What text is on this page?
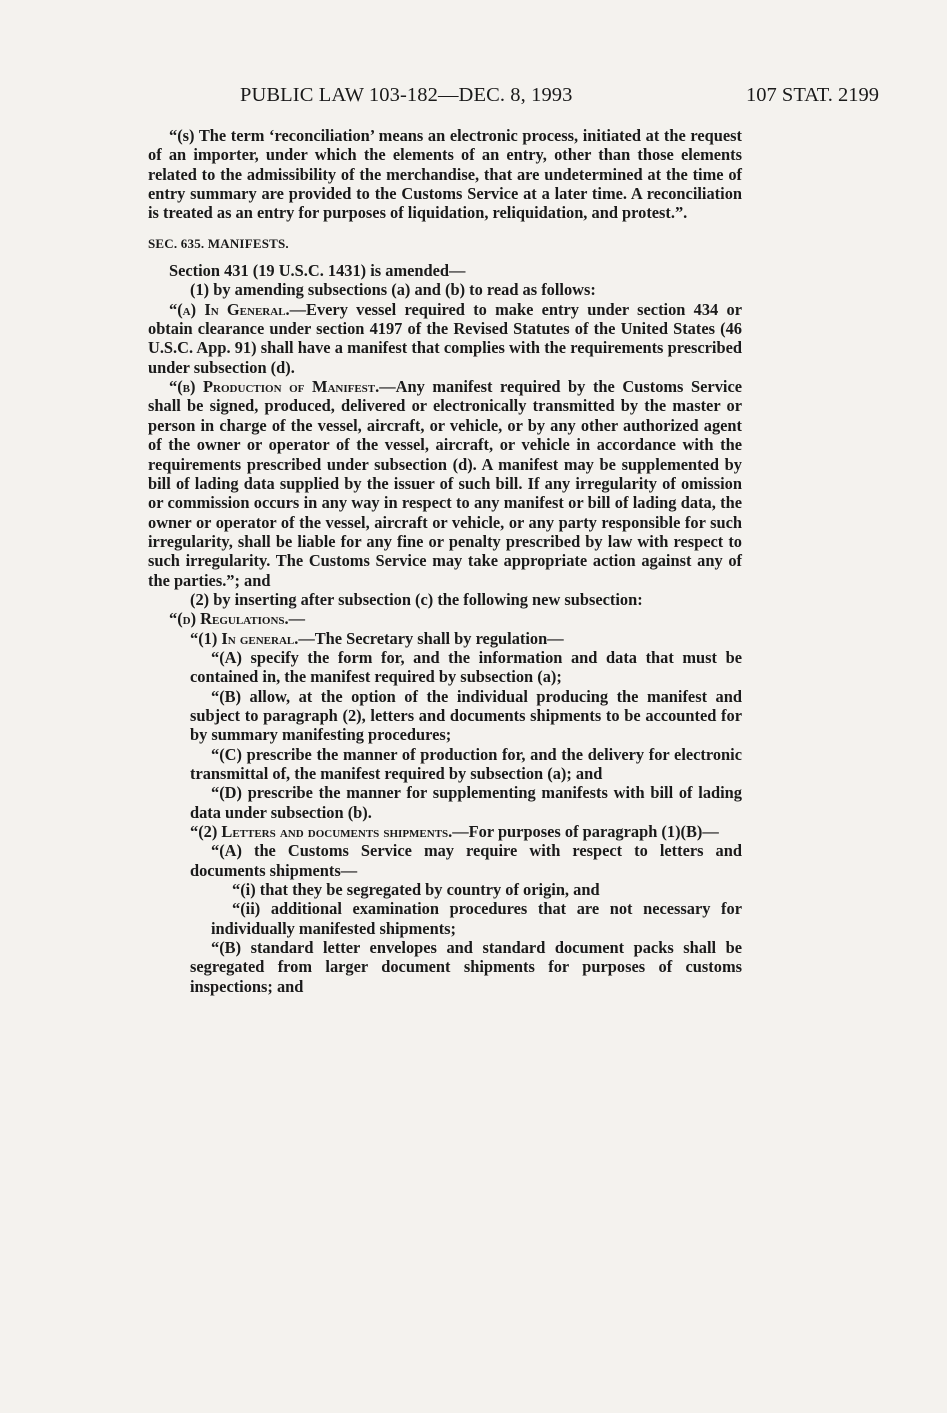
PUBLIC LAW 103-182—DEC. 8, 1993	107 STAT. 2199

“(s) The term ‘reconciliation’ means an electronic process, initiated at the request of an importer, under which the elements of an entry, other than those elements related to the admissibility of the merchandise, that are undetermined at the time of entry summary are provided to the Customs Service at a later time. A reconciliation is treated as an entry for purposes of liquidation, reliquidation, and protest.”.

SEC. 635. MANIFESTS.

Section 431 (19 U.S.C. 1431) is amended—

(1) by amending subsections (a) and (b) to read as follows:

“(a) In General.—Every vessel required to make entry under section 434 or obtain clearance under section 4197 of the Revised Statutes of the United States (46 U.S.C. App. 91) shall have a manifest that complies with the requirements prescribed under subsection (d).

“(b) Production of Manifest.—Any manifest required by the Customs Service shall be signed, produced, delivered or electronically transmitted by the master or person in charge of the vessel, aircraft, or vehicle, or by any other authorized agent of the owner or operator of the vessel, aircraft, or vehicle in accordance with the requirements prescribed under subsection (d). A manifest may be supplemented by bill of lading data supplied by the issuer of such bill. If any irregularity of omission or commission occurs in any way in respect to any manifest or bill of lading data, the owner or operator of the vessel, aircraft or vehicle, or any party responsible for such irregularity, shall be liable for any fine or penalty prescribed by law with respect to such irregularity. The Customs Service may take appropriate action against any of the parties.”; and

(2) by inserting after subsection (c) the following new subsection:

“(d) Regulations.—

“(1) In general.—The Secretary shall by regulation—

“(A) specify the form for, and the information and data that must be contained in, the manifest required by subsection (a);

“(B) allow, at the option of the individual producing the manifest and subject to paragraph (2), letters and documents shipments to be accounted for by summary manifesting procedures;

“(C) prescribe the manner of production for, and the delivery for electronic transmittal of, the manifest required by subsection (a); and

“(D) prescribe the manner for supplementing manifests with bill of lading data under subsection (b).

“(2) Letters and documents shipments.—For purposes of paragraph (1)(B)—

“(A) the Customs Service may require with respect to letters and documents shipments—

“(i) that they be segregated by country of origin, and

“(ii) additional examination procedures that are not necessary for individually manifested shipments;

“(B) standard letter envelopes and standard document packs shall be segregated from larger document shipments for purposes of customs inspections; and
